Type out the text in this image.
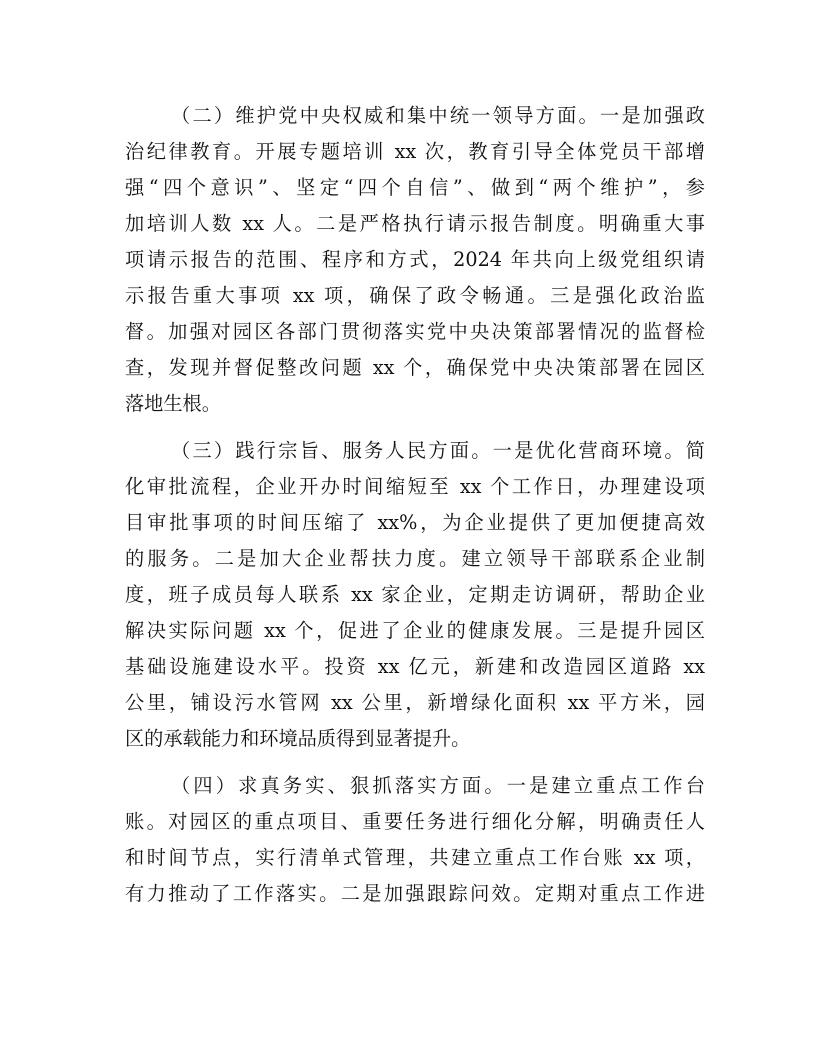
（二）维护党中央权威和集中统一领导方面。一是加强政
治纪律教育。开展专题培训 xx 次，教育引导全体党员干部增
强“四个意识”、坚定“四个自信”、做到“两个维护”，参
加培训人数 xx 人。二是严格执行请示报告制度。明确重大事
项请示报告的范围、程序和方式，2024 年共向上级党组织请
示报告重大事项 xx 项，确保了政令畅通。三是强化政治监
督。加强对园区各部门贯彻落实党中央决策部署情况的监督检
查，发现并督促整改问题 xx 个，确保党中央决策部署在园区
落地生根。
（三）践行宗旨、服务人民方面。一是优化营商环境。简
化审批流程，企业开办时间缩短至 xx 个工作日，办理建设项
目审批事项的时间压缩了 xx%，为企业提供了更加便捷高效
的服务。二是加大企业帮扶力度。建立领导干部联系企业制
度，班子成员每人联系 xx 家企业，定期走访调研，帮助企业
解决实际问题 xx 个，促进了企业的健康发展。三是提升园区
基础设施建设水平。投资 xx 亿元，新建和改造园区道路 xx
公里，铺设污水管网 xx 公里，新增绿化面积 xx 平方米，园
区的承载能力和环境品质得到显著提升。
（四）求真务实、狠抓落实方面。一是建立重点工作台
账。对园区的重点项目、重要任务进行细化分解，明确责任人
和时间节点，实行清单式管理，共建立重点工作台账 xx 项，
有力推动了工作落实。二是加强跟踪问效。定期对重点工作进
